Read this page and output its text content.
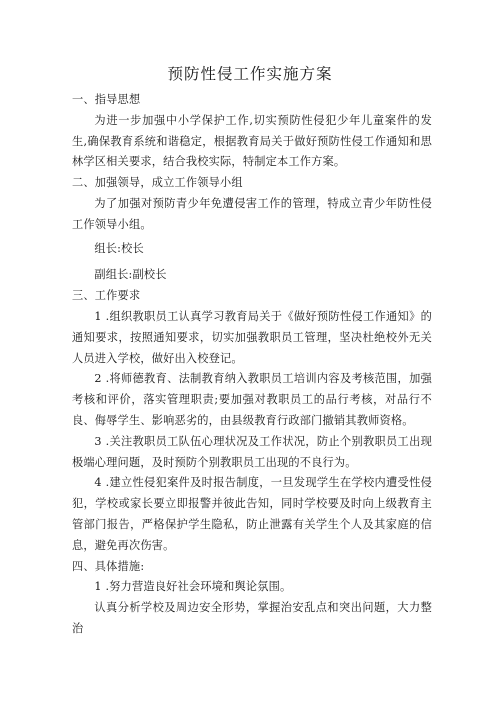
预防性侵工作实施方案

一、指导思想

为进一步加强中小学保护工作,切实预防性侵犯少年儿童案件的发生,确保教育系统和谐稳定，根据教育局关于做好预防性侵工作通知和思林学区相关要求，结合我校实际，特制定本工作方案。

二、加强领导，成立工作领导小组

为了加强对预防青少年免遭侵害工作的管理，特成立青少年防性侵工作领导小组。

组长:校长

副组长:副校长

三、工作要求

1 .组织教职员工认真学习教育局关于《做好预防性侵工作通知》的通知要求，按照通知要求，切实加强教职员工管理，坚决杜绝校外无关人员进入学校，做好出入校登记。

2 .将师德教育、法制教育纳入教职员工培训内容及考核范围，加强考核和评价，落实管理职责;要加强对教职员工的品行考核，对品行不良、侮辱学生、影响恶劣的，由县级教育行政部门撤销其教师资格。

3 .关注教职员工队伍心理状况及工作状况，防止个别教职员工出现极端心理问题，及时预防个别教职员工出现的不良行为。

4 .建立性侵犯案件及时报告制度，一旦发现学生在学校内遭受性侵犯，学校或家长要立即报警并彼此告知，同时学校要及时向上级教育主管部门报告，严格保护学生隐私，防止泄露有关学生个人及其家庭的信息，避免再次伤害。

四、具体措施:

1 .努力营造良好社会环境和舆论氛围。

认真分析学校及周边安全形势，掌握治安乱点和突出问题，大力整治
